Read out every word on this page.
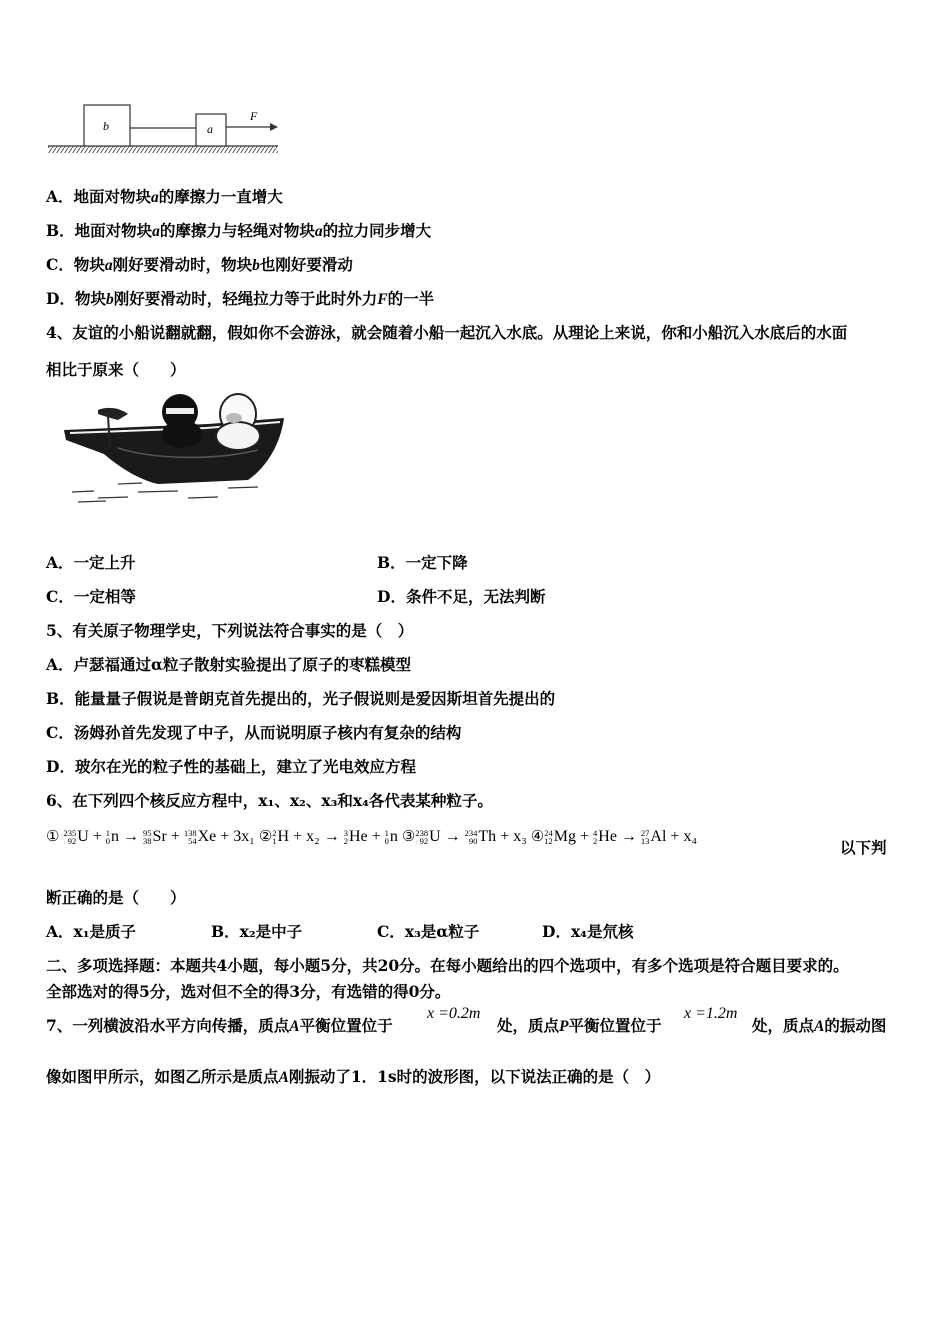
b	a
F
A．地面对物块a的摩擦力一直增大
B．地面对物块a的摩擦力与轻绳对物块a的拉力同步增大
C．物块a刚好要滑动时，物块b也刚好要滑动
D．物块b刚好要滑动时，轻绳拉力等于此时外力F的一半
4、友谊的小船说翻就翻，假如你不会游泳，就会随着小船一起沉入水底。从理论上来说，你和小船沉入水底后的水面
相比于原来（　　）
A．一定上升	B．一定下降
C．一定相等	D．条件不足，无法判断
5、有关原子物理学史，下列说法符合事实的是（　）
A．卢瑟福通过α粒子散射实验提出了原子的枣糕模型
B．能量量子假说是普朗克首先提出的，光子假说则是爱因斯坦首先提出的
C．汤姆孙首先发现了中子，从而说明原子核内有复杂的结构
D．玻尔在光的粒子性的基础上，建立了光电效应方程
6、在下列四个核反应方程中，x₁、x₂、x₃和x₄各代表某种粒子。
① 235
92 U + 1
0 n → 95
38 Sr + 138
54 Xe + 3x₁ ② 2
1 H + x₂ → 3
2 He + 1
0 n ③ 238
92 U → 234
90 Th + x₃ ④ 24
12 Mg + 4
2 He → 27
13 Al + x₄
以下判
断正确的是（　　）
A．x₁是质子	B．x₂是中子	C．x₃是α粒子	D．x₄是氘核
二、多项选择题：本题共4小题，每小题5分，共20分。在每小题给出的四个选项中，有多个选项是符合题目要求的。
全部选对的得5分，选对但不全的得3分，有选错的得0分。
7、一列横波沿水平方向传播，质点A平衡位置位于
x =0.2m
处，质点P平衡位置位于
x =1.2m
处，质点A的振动图
像如图甲所示，如图乙所示是质点A刚振动了1．1s时的波形图，以下说法正确的是（　）
